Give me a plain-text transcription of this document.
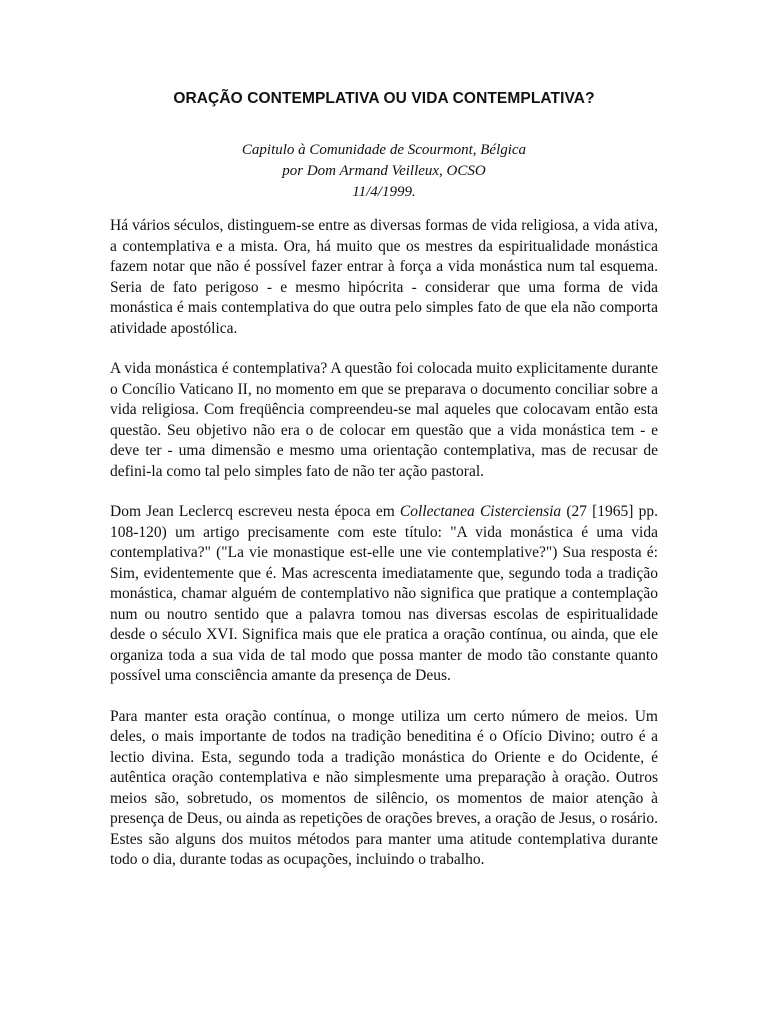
ORAÇÃO CONTEMPLATIVA OU VIDA CONTEMPLATIVA?
Capitulo à Comunidade de Scourmont, Bélgica
por Dom Armand Veilleux, OCSO
11/4/1999.

Há vários séculos, distinguem-se entre as diversas formas de vida religiosa, a vida ativa, a contemplativa e a mista. Ora, há muito que os mestres da espiritualidade monástica fazem notar que não é possível fazer entrar à força a vida monástica num tal esquema. Seria de fato perigoso - e mesmo hipócrita - considerar que uma forma de vida monástica é mais contemplativa do que outra pelo simples fato de que ela não comporta atividade apostólica.

A vida monástica é contemplativa? A questão foi colocada muito explicitamente durante o Concílio Vaticano II, no momento em que se preparava o documento conciliar sobre a vida religiosa. Com freqüência compreendeu-se mal aqueles que colocavam então esta questão. Seu objetivo não era o de colocar em questão que a vida monástica tem - e deve ter - uma dimensão e mesmo uma orientação contemplativa, mas de recusar de defini-la como tal pelo simples fato de não ter ação pastoral.

Dom Jean Leclercq escreveu nesta época em Collectanea Cisterciensia (27 [1965] pp. 108-120) um artigo precisamente com este título: "A vida monástica é uma vida contemplativa?" ("La vie monastique est-elle une vie contemplative?") Sua resposta é: Sim, evidentemente que é. Mas acrescenta imediatamente que, segundo toda a tradição monástica, chamar alguém de contemplativo não significa que pratique a contemplação num ou noutro sentido que a palavra tomou nas diversas escolas de espiritualidade desde o século XVI. Significa mais que ele pratica a oração contínua, ou ainda, que ele organiza toda a sua vida de tal modo que possa manter de modo tão constante quanto possível uma consciência amante da presença de Deus.

Para manter esta oração contínua, o monge utiliza um certo número de meios. Um deles, o mais importante de todos na tradição beneditina é o Ofício Divino; outro é a lectio divina. Esta, segundo toda a tradição monástica do Oriente e do Ocidente, é autêntica oração contemplativa e não simplesmente uma preparação à oração. Outros meios são, sobretudo, os momentos de silêncio, os momentos de maior atenção à presença de Deus, ou ainda as repetições de orações breves, a oração de Jesus, o rosário. Estes são alguns dos muitos métodos para manter uma atitude contemplativa durante todo o dia, durante todas as ocupações, incluindo o trabalho.
